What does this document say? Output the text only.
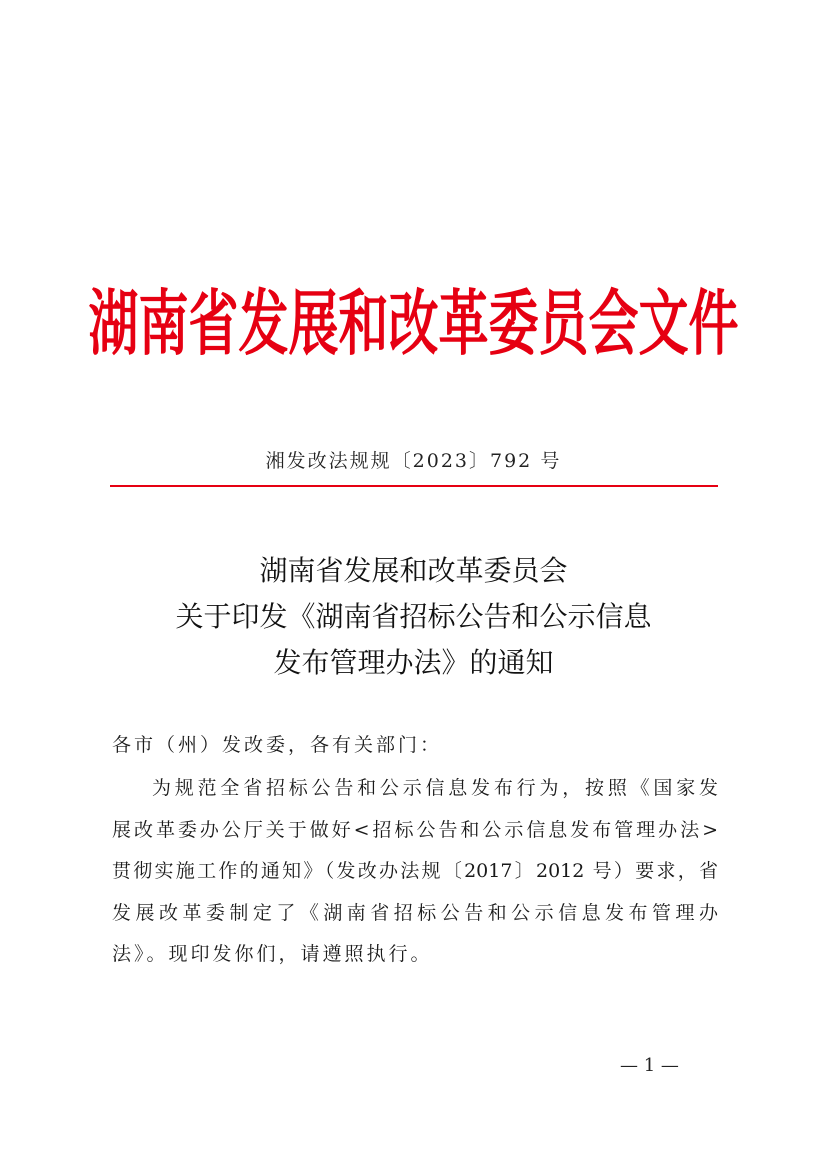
湖南省发展和改革委员会文件
湘发改法规规〔2023〕792 号
湖南省发展和改革委员会
关于印发《湖南省招标公告和公示信息
发布管理办法》的通知
各市（州）发改委，各有关部门：
为规范全省招标公告和公示信息发布行为，按照《国家发
展改革委办公厅关于做好<招标公告和公示信息发布管理办法>
贯彻实施工作的通知》（发改办法规〔2017〕2012 号）要求，省
发展改革委制定了《湖南省招标公告和公示信息发布管理办
法》。现印发你们，请遵照执行。
— 1 —
